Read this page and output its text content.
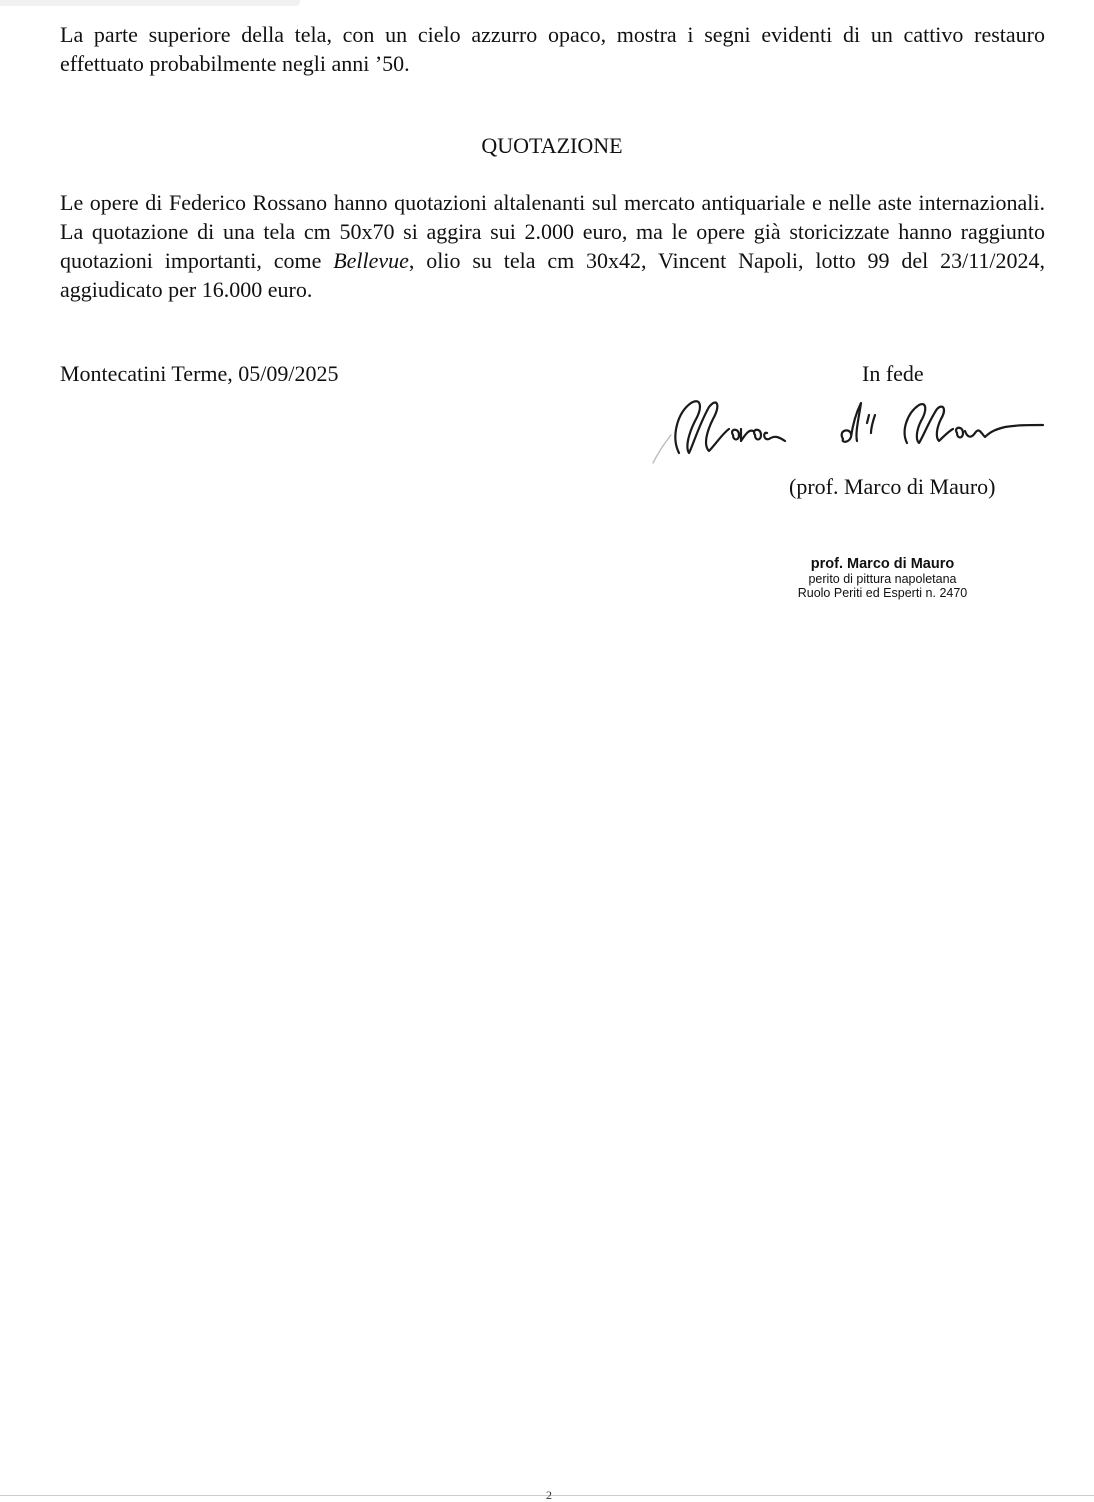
La parte superiore della tela, con un cielo azzurro opaco, mostra i segni evidenti di un cattivo restauro effettuato probabilmente negli anni ’50.

QUOTAZIONE

Le opere di Federico Rossano hanno quotazioni altalenanti sul mercato antiquariale e nelle aste internazionali. La quotazione di una tela cm 50x70 si aggira sui 2.000 euro, ma le opere già storicizzate hanno raggiunto quotazioni importanti, come Bellevue, olio su tela cm 30x42, Vincent Napoli, lotto 99 del 23/11/2024, aggiudicato per 16.000 euro.

Montecatini Terme, 05/09/2025	In fede
(prof. Marco di Mauro)
prof. Marco di Mauro
perito di pittura napoletana
Ruolo Periti ed Esperti n. 2470
2
